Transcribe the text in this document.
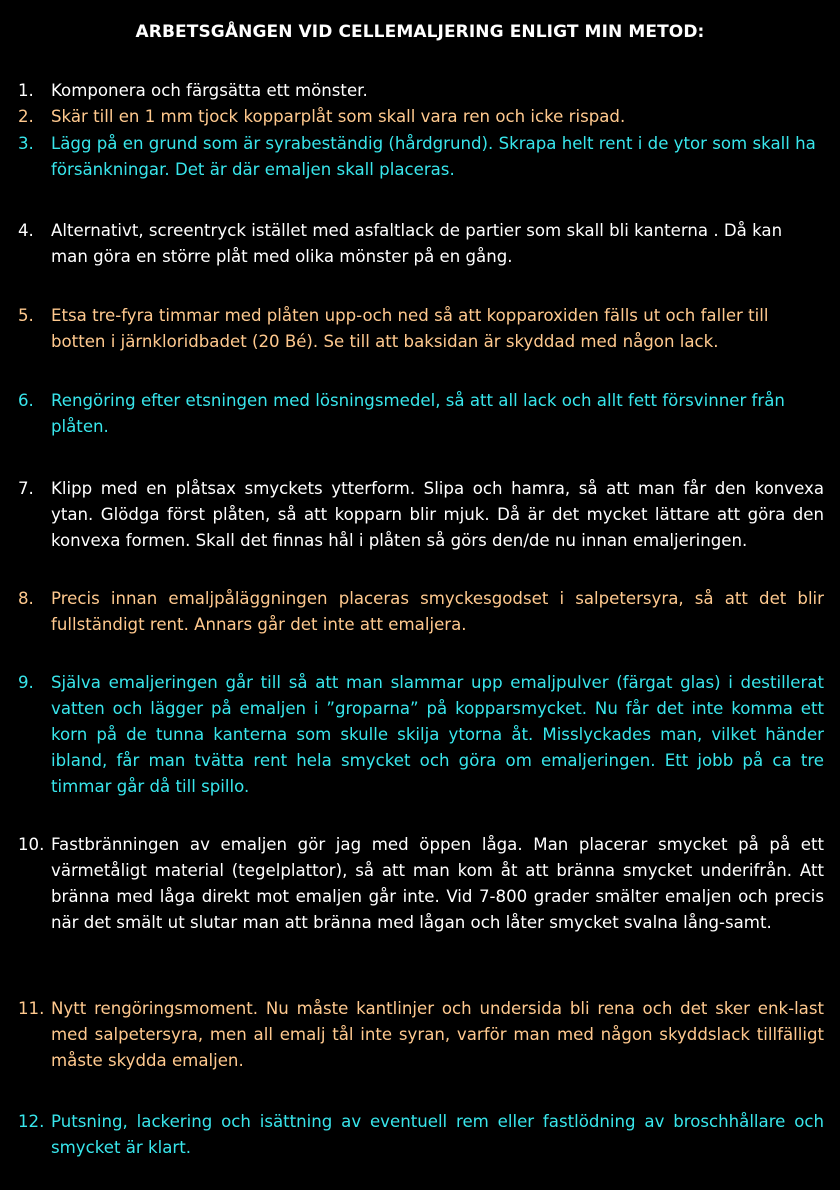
ARBETSGÅNGEN VID CELLEMALJERING ENLIGT MIN METOD:
1.	Komponera och färgsätta ett mönster.
2.	Skär till en 1 mm tjock kopparplåt som skall vara ren och icke rispad.
3.	Lägg på en grund som är syrabeständig (hårdgrund). Skrapa helt rent i de ytor som skall ha försänkningar. Det är där emaljen skall placeras.
4.	Alternativt, screentryck istället med asfaltlack de partier som skall bli kanterna . Då kan man göra en större plåt med olika mönster på en gång.
5.	Etsa tre-fyra timmar med plåten upp-och ned så att kopparoxiden fälls ut och faller till botten i järnkloridbadet (20 Bé). Se till att baksidan är skyddad med någon lack.
6.	Rengöring efter etsningen med lösningsmedel, så att all lack och allt fett försvinner från plåten.
7.	Klipp med en plåtsax smyckets ytterform. Slipa och hamra, så att man får den konvexa ytan. Glödga först plåten, så att kopparn blir mjuk. Då är det mycket lättare att göra den konvexa formen. Skall det finnas hål i plåten så görs den/de nu innan emaljeringen.
8.	Precis innan emaljpåläggningen placeras smyckesgodset i salpetersyra, så att det blir fullständigt rent. Annars går det inte att emaljera.
9.	Själva emaljeringen går till så att man slammar upp emaljpulver (färgat glas) i destillerat vatten och lägger på emaljen i ”groparna” på kopparsmycket. Nu får det inte komma ett korn på de tunna kanterna som skulle skilja ytorna åt. Misslyckades man, vilket händer ibland, får man tvätta rent hela smycket och göra om emaljeringen. Ett jobb på ca tre timmar går då till spillo.
10. Fastbränningen av emaljen gör jag med öppen låga. Man placerar smycket på på ett värmetåligt material (tegelplattor), så att man kom åt att bränna smycket underifrån. Att bränna med låga direkt mot emaljen går inte. Vid 7-800 grader smälter emaljen och precis när det smält ut slutar man att bränna med lågan och låter smycket svalna lång-samt.
11. Nytt rengöringsmoment. Nu måste kantlinjer och undersida bli rena och det sker enk-last med salpetersyra, men all emalj tål inte syran, varför man med någon skyddslack tillfälligt måste skydda emaljen.
12. Putsning, lackering och isättning av eventuell rem eller fastlödning av broschhållare och smycket är klart.
